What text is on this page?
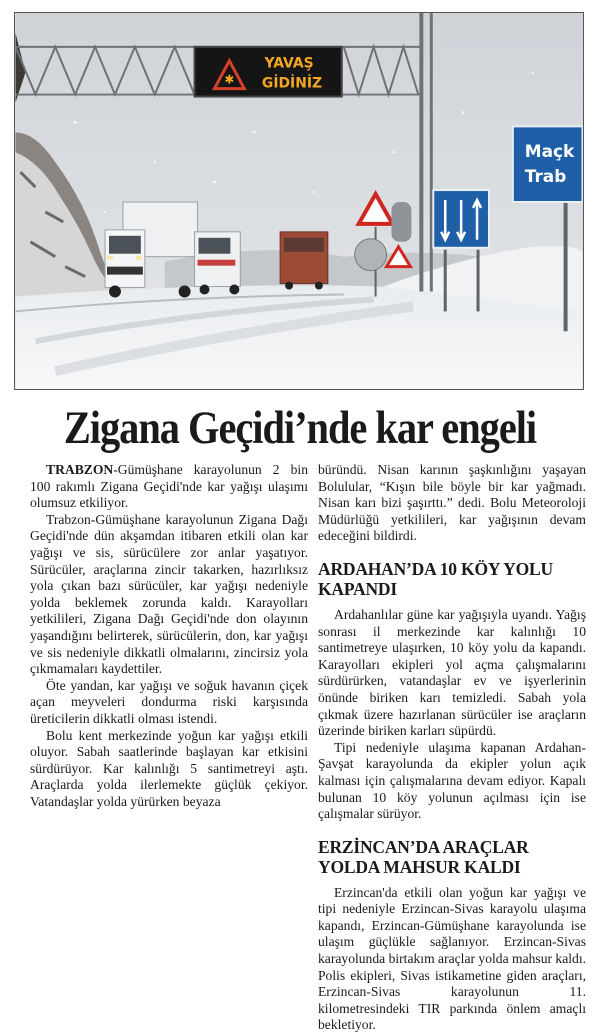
✱
YAVAŞ
GİDİNİZ
Maçk
Trab
Zigana Geçidi’nde kar engeli

TRABZON-Gümüşhane karayolunun 2 bin 100 rakımlı Zigana Geçidi'nde kar yağışı ulaşımı olumsuz etkiliyor.

Trabzon-Gümüşhane karayolunun Zigana Dağı Geçidi'nde dün akşamdan itibaren etkili olan kar yağışı ve sis, sürücülere zor anlar yaşatıyor. Sürücüler, araçlarına zincir takarken, hazırlıksız yola çıkan bazı sürücüler, kar yağışı nedeniyle yolda beklemek zorunda kaldı. Karayolları yetkilileri, Zigana Dağı Geçidi'nde don olayının yaşandığını belirterek, sürücülerin, don, kar yağışı ve sis nedeniyle dikkatli olmalarını, zincirsiz yola çıkmamaları kaydettiler.

Öte yandan, kar yağışı ve soğuk havanın çiçek açan meyveleri dondurma riski karşısında üreticilerin dikkatli olması istendi.

Bolu kent merkezinde yoğun kar yağışı etkili oluyor. Sabah saatlerinde başlayan kar etkisini sürdürüyor. Kar kalınlığı 5 santimetreyi aştı. Araçlarda yolda ilerlemekte güçlük çekiyor. Vatandaşlar yolda yürürken beyaza

büründü. Nisan karının şaşkınlığını yaşayan Bolulular, “Kışın bile böyle bir kar yağmadı. Nisan karı bizi şaşırttı.” dedi. Bolu Meteoroloji Müdürlüğü yetkilileri, kar yağışının devam edeceğini bildirdi.

ARDAHAN’DA 10 KÖY YOLU KAPANDI

Ardahanlılar güne kar yağışıyla uyandı. Yağış sonrası il merkezinde kar kalınlığı 10 santimetreye ulaşırken, 10 köy yolu da kapandı. Karayolları ekipleri yol açma çalışmalarını sürdürürken, vatandaşlar ev ve işyerlerinin önünde biriken karı temizledi. Sabah yola çıkmak üzere hazırlanan sürücüler ise araçların üzerinde biriken karları süpürdü.

Tipi nedeniyle ulaşıma kapanan Ardahan-Şavşat karayolunda da ekipler yolun açık kalması için çalışmalarına devam ediyor. Kapalı bulunan 10 köy yolunun açılması için ise çalışmalar sürüyor.

ERZİNCAN’DA ARAÇLAR YOLDA MAHSUR KALDI

Erzincan'da etkili olan yoğun kar yağışı ve tipi nedeniyle Erzincan-Sivas karayolu ulaşıma kapandı, Erzincan-Gümüşhane karayolunda ise ulaşım güçlükle sağlanıyor. Erzincan-Sivas karayolunda birtakım araçlar yolda mahsur kaldı. Polis ekipleri, Sivas istikametine giden araçları, Erzincan-Sivas karayolunun 11. kilometresindeki TIR parkında önlem amaçlı bekletiyor.
